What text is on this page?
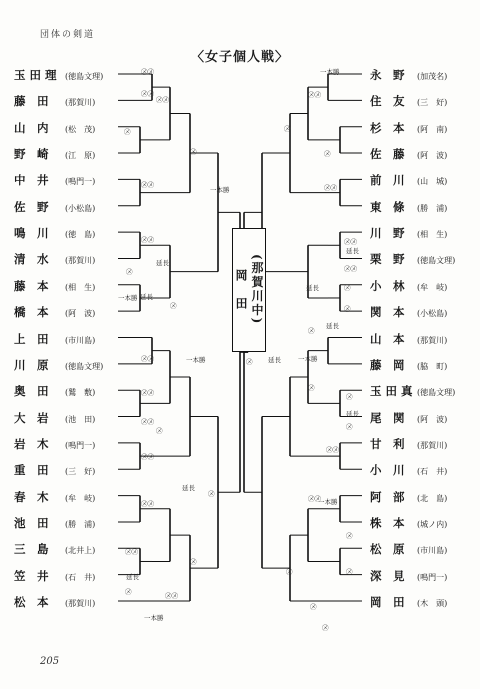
団体の剣道
〈女子個人戦〉
玉 田 理 (徳島文理)
藤　田 (那賀川)
山　内 (松　茂)
野　崎 (江　原)
中　井 (鳴門一)
佐　野 (小松島)
鳴　川 (徳　島)
清　水 (那賀川)
藤　本 (相　生)
橋　本 (阿　波)
上　田 (市川島)
川　原 (徳島文理)
奥　田 (鷲　敷)
大　岩 (池　田)
岩　木 (鳴門一)
重　田 (三　好)
春　木 (牟　岐)
池　田 (勝　浦)
三　島 (北井上)
笠　井 (石　井)
松　本 (那賀川)
永　野 (加茂名)
住　友 (三　好)
杉　本 (阿　南)
佐　藤 (阿　波)
前　川 (山　城)
東　條 (勝　浦)
川　野 (相　生)
栗　野 (徳島文理)
小　林 (牟　岐)
関　本 (小松島)
山　本 (那賀川)
藤　岡 (脇　町)
玉 田 真 (徳島文理)
尾　関 (阿　波)
甘　利 (那賀川)
小　川 (石　井)
阿　部 (北　島)
株　本 (城ノ内)
松　原 (市川島)
深　見 (鳴門一)
岡　田 (木　頭)
岡　田 (那賀川中)
㋱㋱
㋱㋱
㋱㋱
㋱
一本勝
㋱㋱
㋱㋱
延長
㋱
一本勝 延長
㋱
㋱
㋱㋱	一本勝
㋱㋱
㋱㋱
㋱
㋱㋱
延長
㋱
㋱㋱
延長
一本勝
㋱㋱
㋱	㋱㋱
㋱
一本勝
㋱㋱
㋱
㋱㋱
㋱
延長
㋱㋱
㋱㋱
延長
㋱
㋱
延長
一本勝
㋱
㋱ 延長
㋱
㋱
㋱㋱
㋱
延長
一本勝
㋱
㋱㋱
㋱
㋱
㋱
㋱
205
